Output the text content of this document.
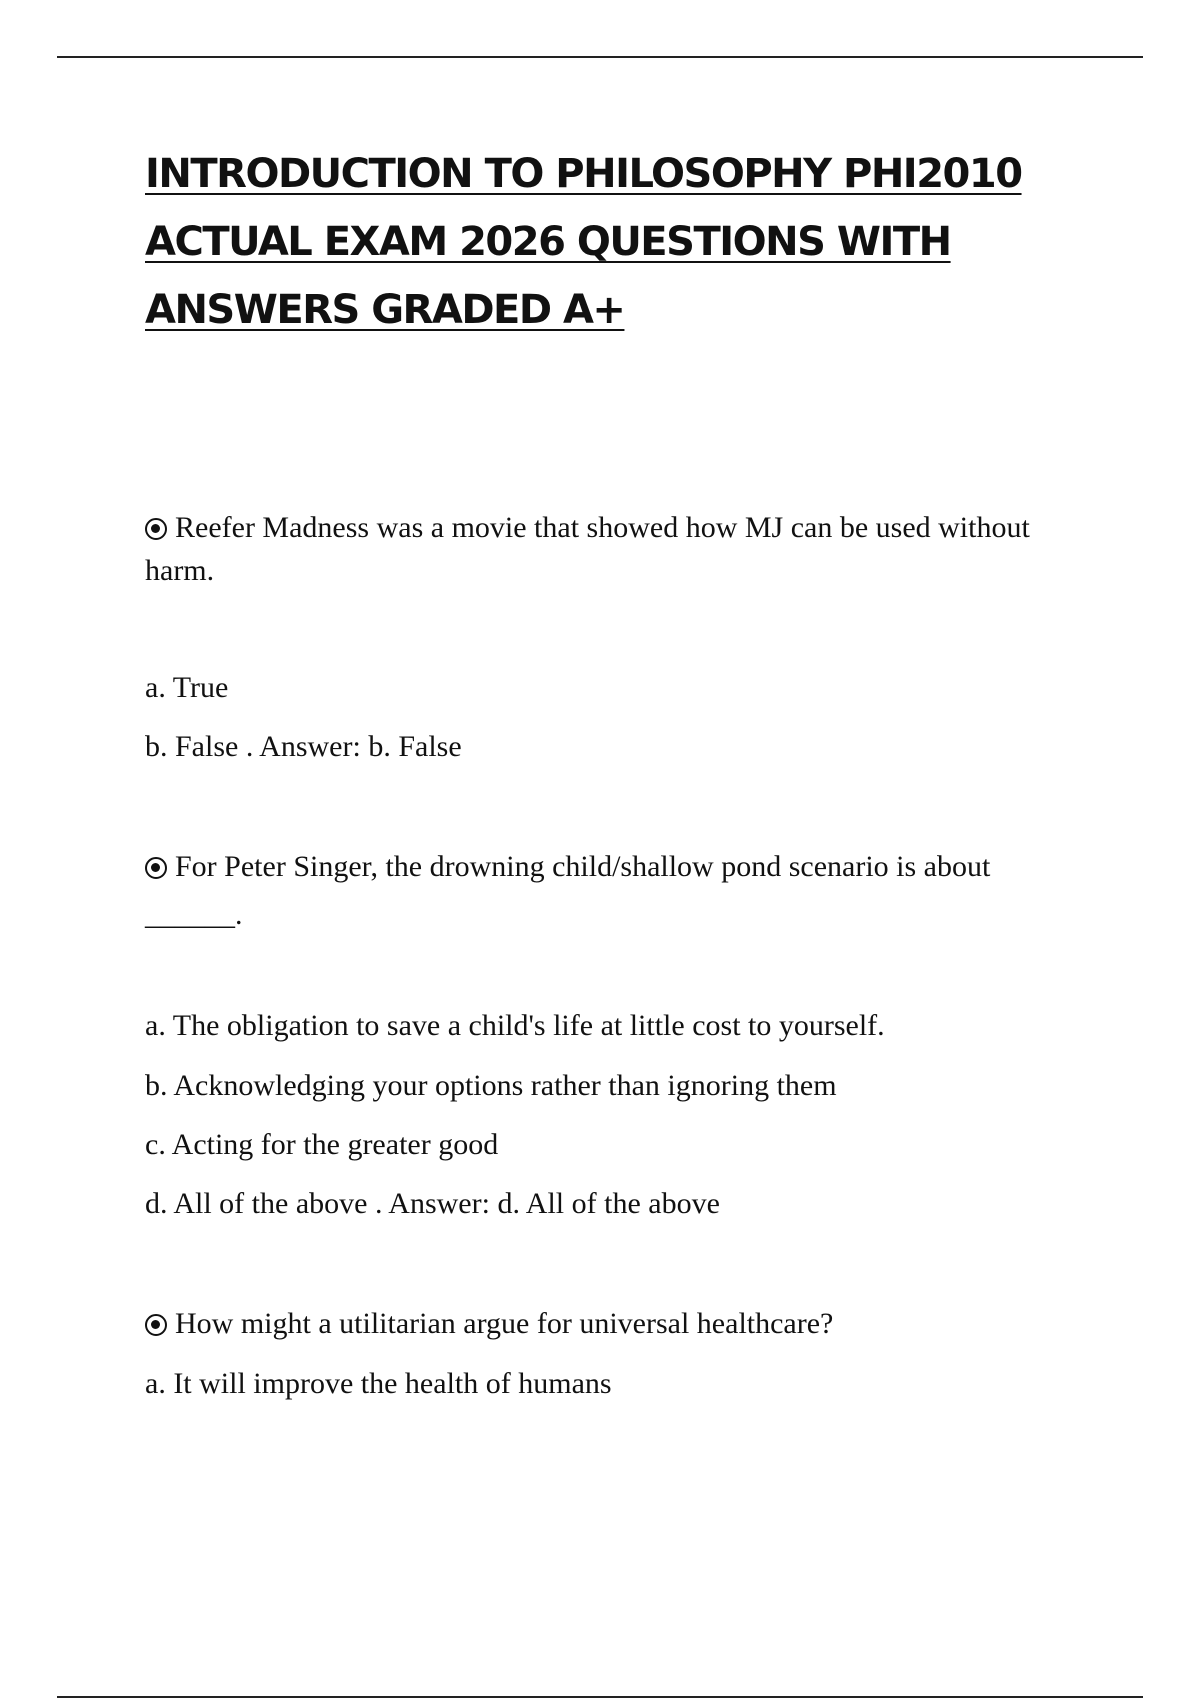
INTRODUCTION TO PHILOSOPHY PHI2010
ACTUAL EXAM 2026 QUESTIONS WITH
ANSWERS GRADED A+

Reefer Madness was a movie that showed how MJ can be used without harm.

a. True

b. False . Answer: b. False

For Peter Singer, the drowning child/shallow pond scenario is about

______.

a. The obligation to save a child's life at little cost to yourself.

b. Acknowledging your options rather than ignoring them

c. Acting for the greater good

d. All of the above . Answer: d. All of the above

How might a utilitarian argue for universal healthcare?

a. It will improve the health of humans
